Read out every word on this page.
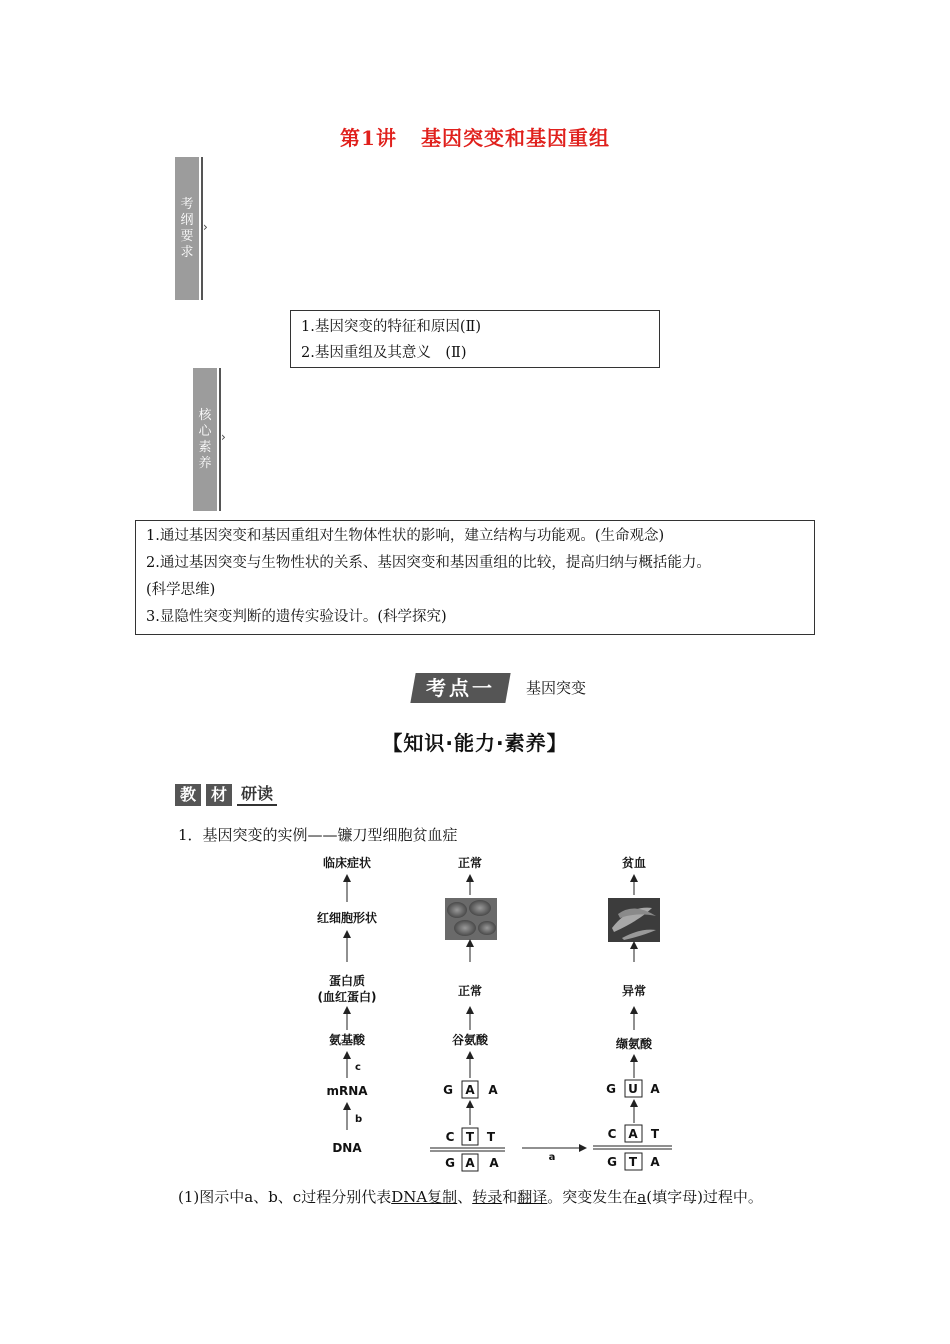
第1讲 基因突变和基因重组
考纲要求
›
1.基因突变的特征和原因(Ⅱ)
2.基因重组及其意义　(Ⅱ)
核心素养
›
1.通过基因突变和基因重组对生物体性状的影响，建立结构与功能观。(生命观念)
2.通过基因突变与生物性状的关系、基因突变和基因重组的比较，提高归纳与概括能力。
(科学思维)
3.显隐性突变判断的遗传实验设计。(科学探究)
考点一	基因突变
【知识·能力·素养】
教 材 研读
1．基因突变的实例——镰刀型细胞贫血症
临床症状
红细胞形状
蛋白质
(血红蛋白)
氨基酸
c
mRNA
b
DNA
正常
正常
谷氨酸
G A A
C T T
G A A	a
贫血
异常
缬氨酸
G U A
C A T
G T A
(1)图示中a、b、c过程分别代表DNA复制、转录和翻译。突变发生在a(填字母)过程中。
